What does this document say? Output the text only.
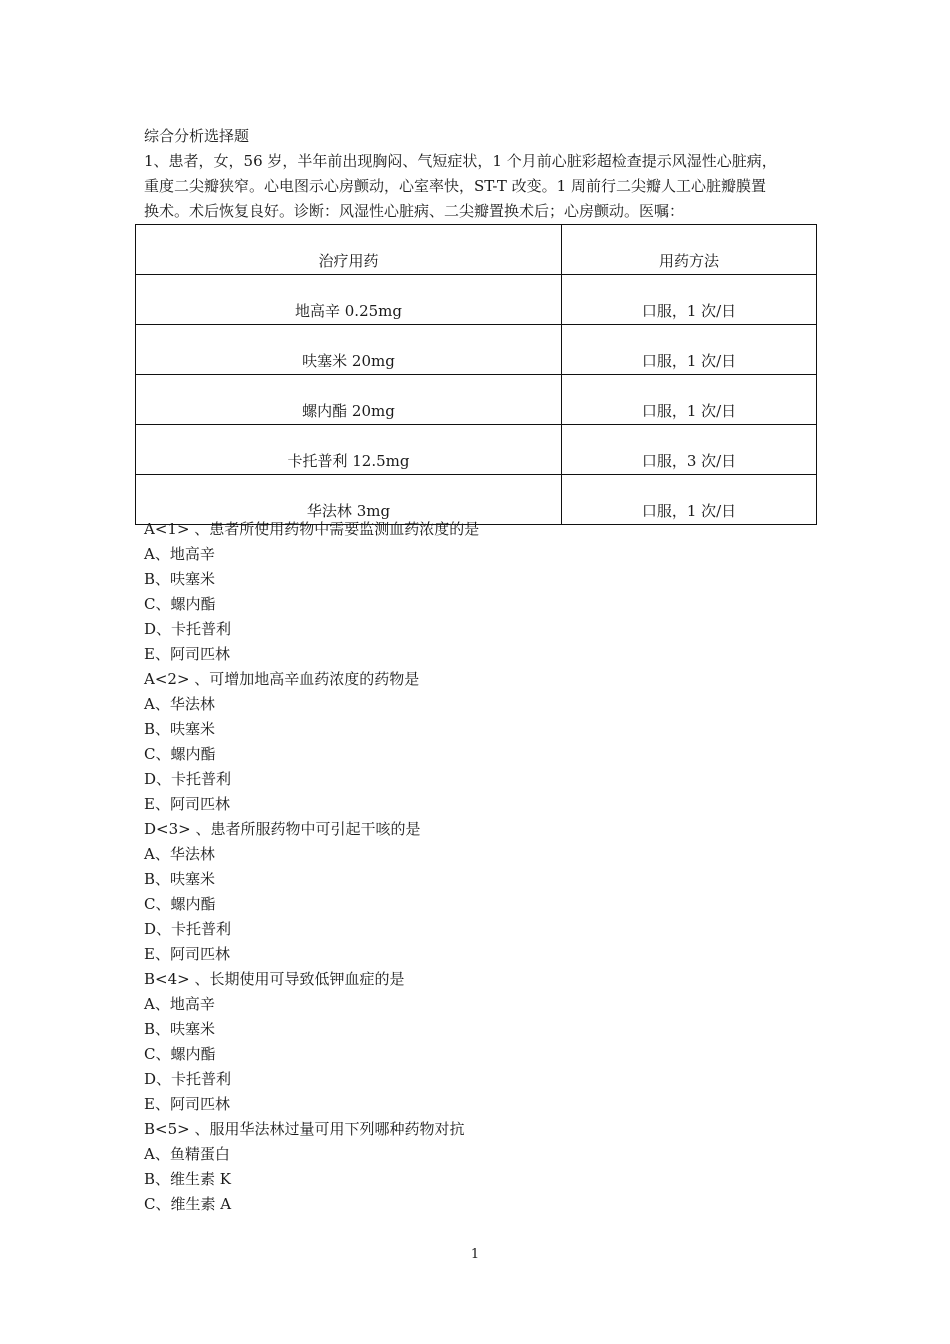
综合分析选择题
1、患者，女，56 岁，半年前出现胸闷、气短症状，1 个月前心脏彩超检查提示风湿性心脏病，
重度二尖瓣狭窄。心电图示心房颤动，心室率快，ST-T 改变。1 周前行二尖瓣人工心脏瓣膜置
换术。术后恢复良好。诊断：风湿性心脏病、二尖瓣置换术后；心房颤动。医嘱：
治疗用药	用药方法
地高辛 0.25mg	口服，1 次/日
呋塞米 20mg	口服，1 次/日
螺内酯 20mg	口服，1 次/日
卡托普利 12.5mg	口服，3 次/日
华法林 3mg	口服，1 次/日
A<1> 、患者所使用药物中需要监测血药浓度的是
A、地高辛
B、呋塞米
C、螺内酯
D、卡托普利
E、阿司匹林
A<2> 、可增加地高辛血药浓度的药物是
A、华法林
B、呋塞米
C、螺内酯
D、卡托普利
E、阿司匹林
D<3> 、患者所服药物中可引起干咳的是
A、华法林
B、呋塞米
C、螺内酯
D、卡托普利
E、阿司匹林
B<4> 、长期使用可导致低钾血症的是
A、地高辛
B、呋塞米
C、螺内酯
D、卡托普利
E、阿司匹林
B<5> 、服用华法林过量可用下列哪种药物对抗
A、鱼精蛋白
B、维生素 K
C、维生素 A
1
